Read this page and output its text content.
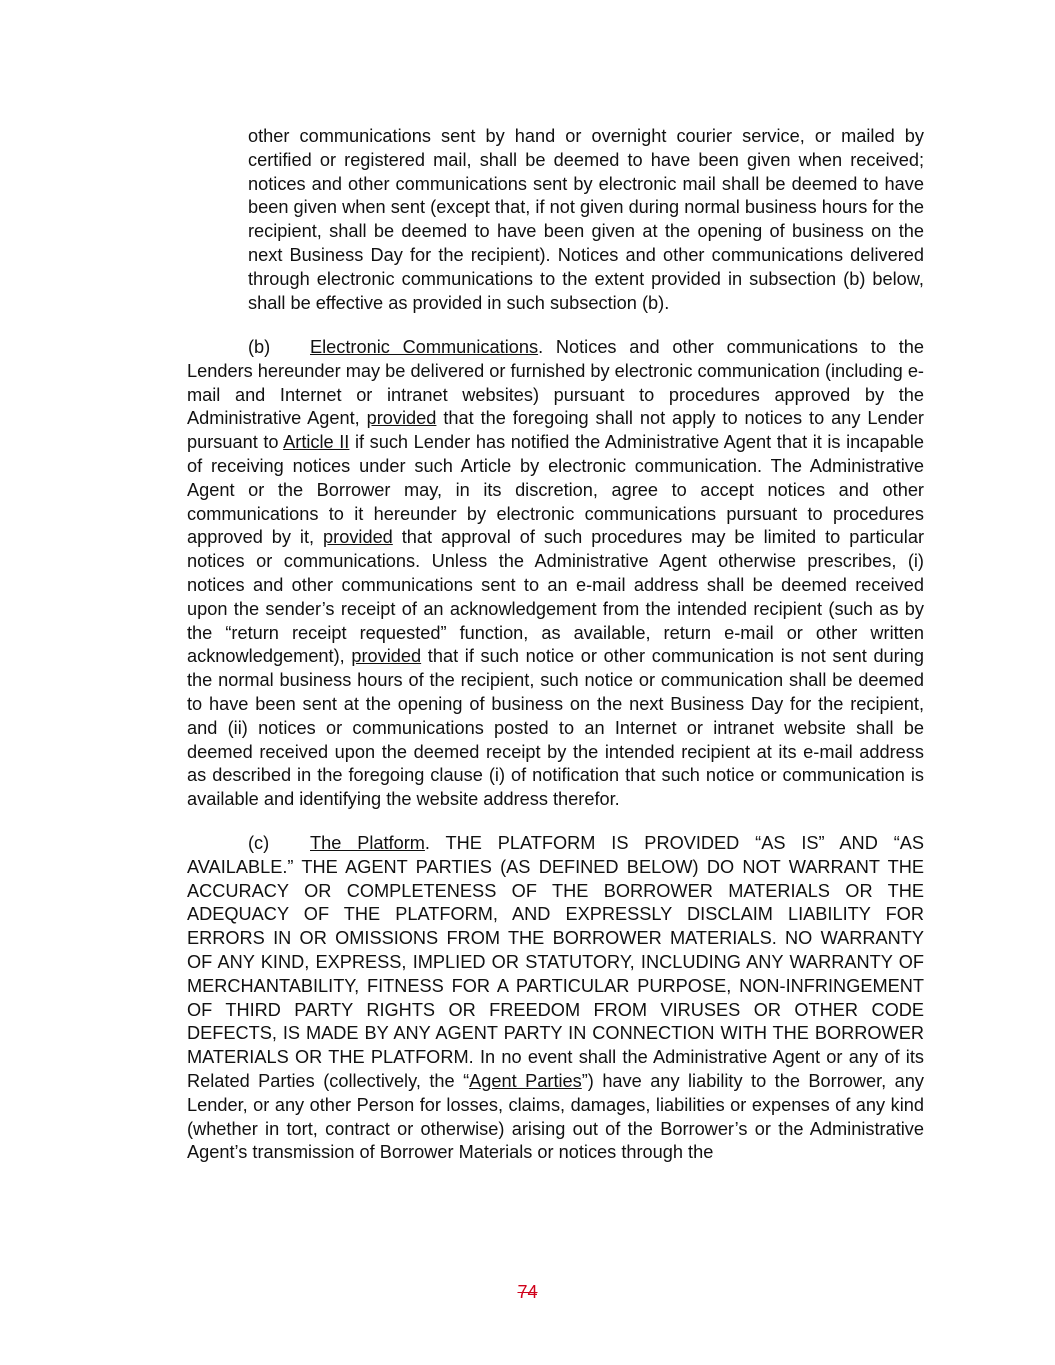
other communications sent by hand or overnight courier service, or mailed by certified or registered mail, shall be deemed to have been given when received; notices and other communications sent by electronic mail shall be deemed to have been given when sent (except that, if not given during normal business hours for the recipient, shall be deemed to have been given at the opening of business on the next Business Day for the recipient). Notices and other communications delivered through electronic communications to the extent provided in subsection (b) below, shall be effective as provided in such subsection (b).

(b) Electronic Communications. Notices and other communications to the Lenders hereunder may be delivered or furnished by electronic communication (including e-mail and Internet or intranet websites) pursuant to procedures approved by the Administrative Agent, provided that the foregoing shall not apply to notices to any Lender pursuant to Article II if such Lender has notified the Administrative Agent that it is incapable of receiving notices under such Article by electronic communication. The Administrative Agent or the Borrower may, in its discretion, agree to accept notices and other communications to it hereunder by electronic communications pursuant to procedures approved by it, provided that approval of such procedures may be limited to particular notices or communications. Unless the Administrative Agent otherwise prescribes, (i) notices and other communications sent to an e-mail address shall be deemed received upon the sender’s receipt of an acknowledgement from the intended recipient (such as by the “return receipt requested” function, as available, return e-mail or other written acknowledgement), provided that if such notice or other communication is not sent during the normal business hours of the recipient, such notice or communication shall be deemed to have been sent at the opening of business on the next Business Day for the recipient, and (ii) notices or communications posted to an Internet or intranet website shall be deemed received upon the deemed receipt by the intended recipient at its e-mail address as described in the foregoing clause (i) of notification that such notice or communication is available and identifying the website address therefor.

(c) The Platform. THE PLATFORM IS PROVIDED “AS IS” AND “AS AVAILABLE.” THE AGENT PARTIES (AS DEFINED BELOW) DO NOT WARRANT THE ACCURACY OR COMPLETENESS OF THE BORROWER MATERIALS OR THE ADEQUACY OF THE PLATFORM, AND EXPRESSLY DISCLAIM LIABILITY FOR ERRORS IN OR OMISSIONS FROM THE BORROWER MATERIALS. NO WARRANTY OF ANY KIND, EXPRESS, IMPLIED OR STATUTORY, INCLUDING ANY WARRANTY OF MERCHANTABILITY, FITNESS FOR A PARTICULAR PURPOSE, NON-INFRINGEMENT OF THIRD PARTY RIGHTS OR FREEDOM FROM VIRUSES OR OTHER CODE DEFECTS, IS MADE BY ANY AGENT PARTY IN CONNECTION WITH THE BORROWER MATERIALS OR THE PLATFORM. In no event shall the Administrative Agent or any of its Related Parties (collectively, the “Agent Parties”) have any liability to the Borrower, any Lender, or any other Person for losses, claims, damages, liabilities or expenses of any kind (whether in tort, contract or otherwise) arising out of the Borrower’s or the Administrative Agent’s transmission of Borrower Materials or notices through the

74
